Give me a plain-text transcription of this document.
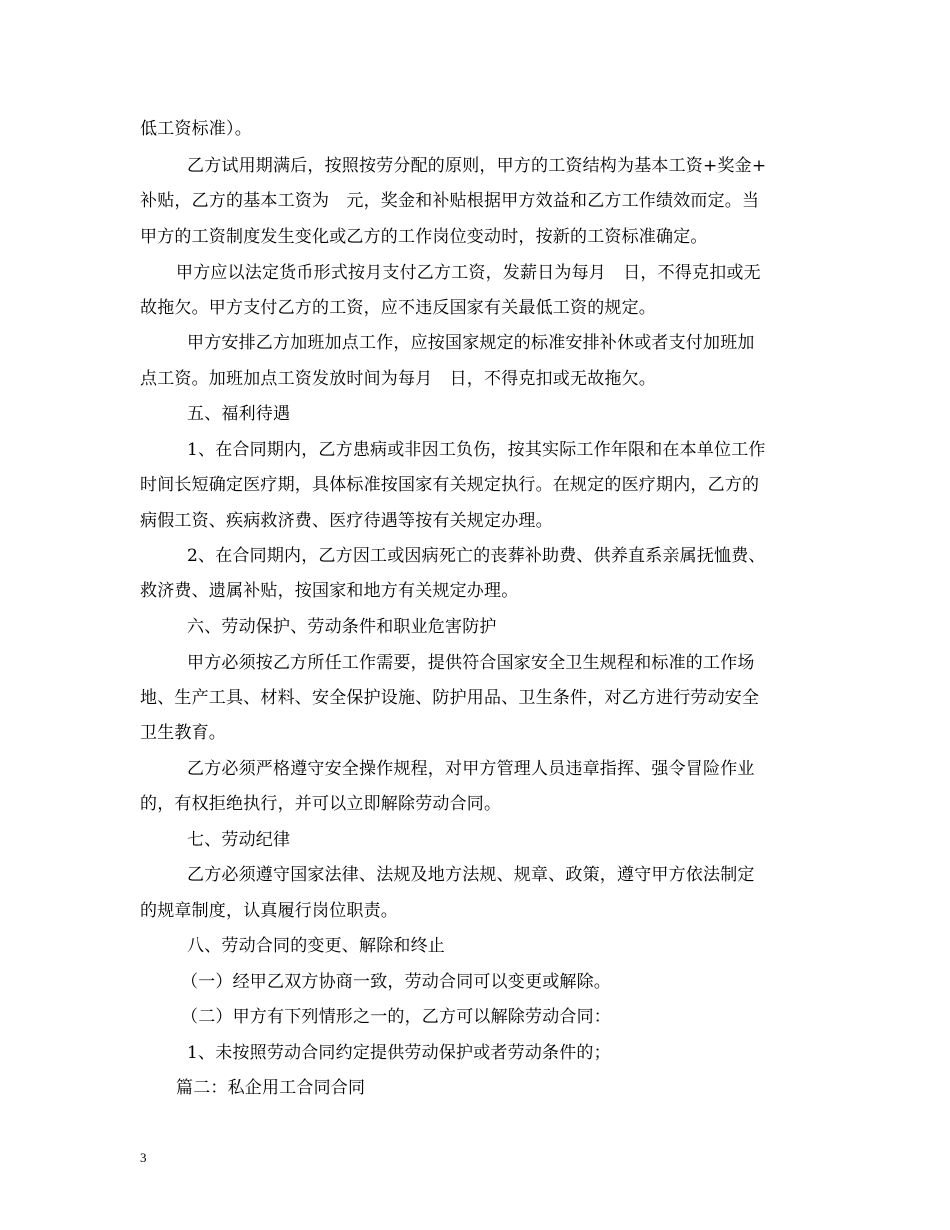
低工资标准）。
乙方试用期满后，按照按劳分配的原则，甲方的工资结构为基本工资+奖金+
补贴，乙方的基本工资为　元，奖金和补贴根据甲方效益和乙方工作绩效而定。当
甲方的工资制度发生变化或乙方的工作岗位变动时，按新的工资标准确定。
甲方应以法定货币形式按月支付乙方工资，发薪日为每月　日，不得克扣或无
故拖欠。甲方支付乙方的工资，应不违反国家有关最低工资的规定。
甲方安排乙方加班加点工作，应按国家规定的标准安排补休或者支付加班加
点工资。加班加点工资发放时间为每月　日，不得克扣或无故拖欠。
五、福利待遇
1、在合同期内，乙方患病或非因工负伤，按其实际工作年限和在本单位工作
时间长短确定医疗期，具体标准按国家有关规定执行。在规定的医疗期内，乙方的
病假工资、疾病救济费、医疗待遇等按有关规定办理。
2、在合同期内，乙方因工或因病死亡的丧葬补助费、供养直系亲属抚恤费、
救济费、遗属补贴，按国家和地方有关规定办理。
六、劳动保护、劳动条件和职业危害防护
甲方必须按乙方所任工作需要，提供符合国家安全卫生规程和标准的工作场
地、生产工具、材料、安全保护设施、防护用品、卫生条件，对乙方进行劳动安全
卫生教育。
乙方必须严格遵守安全操作规程，对甲方管理人员违章指挥、强令冒险作业
的，有权拒绝执行，并可以立即解除劳动合同。
七、劳动纪律
乙方必须遵守国家法律、法规及地方法规、规章、政策，遵守甲方依法制定
的规章制度，认真履行岗位职责。
八、劳动合同的变更、解除和终止
（一）经甲乙双方协商一致，劳动合同可以变更或解除。
（二）甲方有下列情形之一的，乙方可以解除劳动合同：
1、未按照劳动合同约定提供劳动保护或者劳动条件的；
篇二：私企用工合同合同
3
